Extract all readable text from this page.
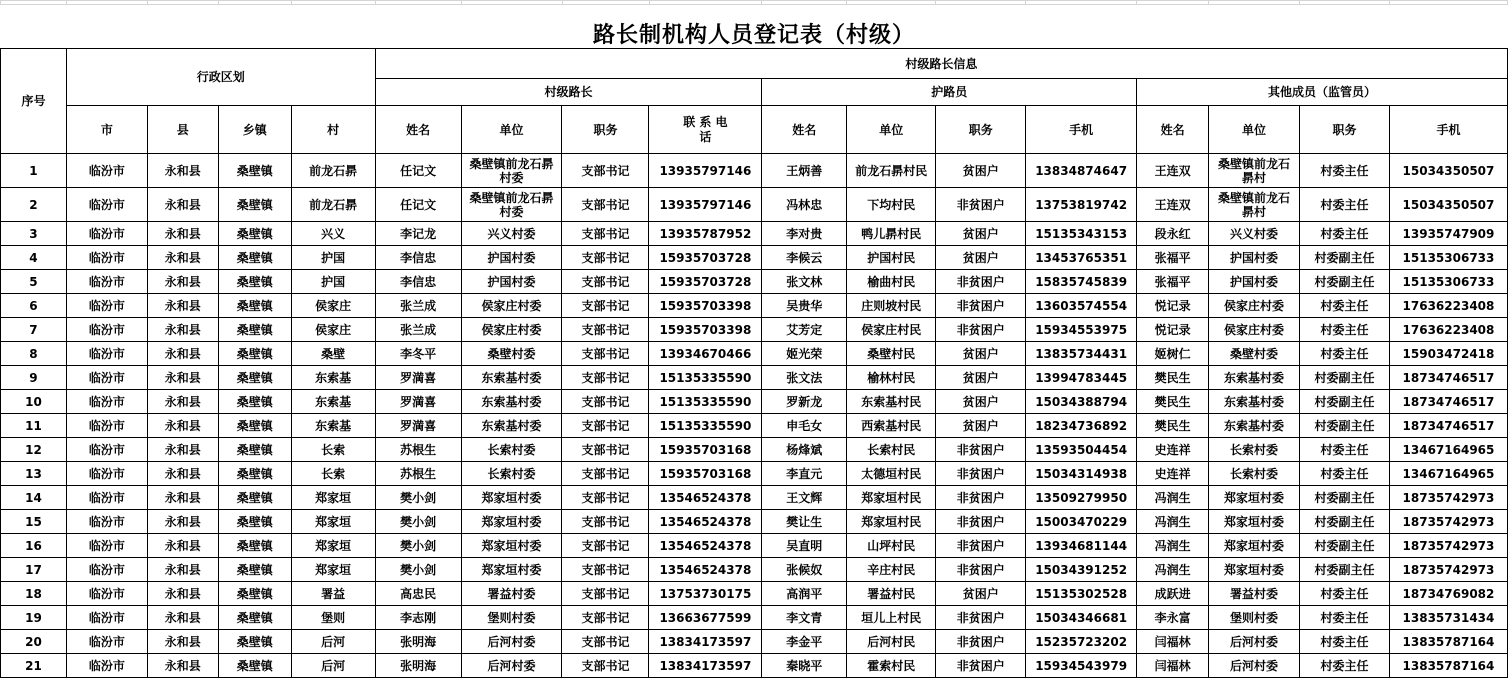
路长制机构人员登记表（村级）
序号	行政区划				村级路长信息											
					村级路长				护路员				其他成员（监管员）			
	市	县	乡镇	村	姓名	单位	职务	联 系 电 话	姓名	单位	职务	手机	姓名	单位	职务	手机
1	临汾市	永和县	桑壁镇	前龙石䁀	任记文	桑壁镇前龙石䁀村委	支部书记	13935797146	王炳善	前龙石䁀村民	贫困户	13834874647	王连双	桑壁镇前龙石䁀村	村委主任	15034350507
2	临汾市	永和县	桑壁镇	前龙石䁀	任记文	桑壁镇前龙石䁀村委	支部书记	13935797146	冯林忠	下均村民	非贫困户	13753819742	王连双	桑壁镇前龙石䁀村	村委主任	15034350507
3	临汾市	永和县	桑壁镇	兴义	李记龙	兴义村委	支部书记	13935787952	李对贵	鸭儿䁀村民	贫困户	15135343153	段永红	兴义村委	村委主任	13935747909
4	临汾市	永和县	桑壁镇	护国	李信忠	护国村委	支部书记	15935703728	李候云	护国村民	贫困户	13453765351	张福平	护国村委	村委副主任	15135306733
5	临汾市	永和县	桑壁镇	护国	李信忠	护国村委	支部书记	15935703728	张文林	榆曲村民	非贫困户	15835745839	张福平	护国村委	村委副主任	15135306733
6	临汾市	永和县	桑壁镇	侯家庄	张兰成	侯家庄村委	支部书记	15935703398	吴贵华	庄则坡村民	非贫困户	13603574554	悦记录	侯家庄村委	村委主任	17636223408
7	临汾市	永和县	桑壁镇	侯家庄	张兰成	侯家庄村委	支部书记	15935703398	艾芳定	侯家庄村民	非贫困户	15934553975	悦记录	侯家庄村委	村委主任	17636223408
8	临汾市	永和县	桑壁镇	桑壁	李冬平	桑壁村委	支部书记	13934670466	姬光荣	桑壁村民	贫困户	13835734431	姬树仁	桑壁村委	村委主任	15903472418
9	临汾市	永和县	桑壁镇	东索基	罗満喜	东索基村委	支部书记	15135335590	张文法	榆林村民	贫困户	13994783445	樊民生	东索基村委	村委副主任	18734746517
10	临汾市	永和县	桑壁镇	东索基	罗満喜	东索基村委	支部书记	15135335590	罗新龙	东索基村民	贫困户	15034388794	樊民生	东索基村委	村委副主任	18734746517
11	临汾市	永和县	桑壁镇	东索基	罗満喜	东索基村委	支部书记	15135335590	申毛女	西索基村民	贫困户	18234736892	樊民生	东索基村委	村委副主任	18734746517
12	临汾市	永和县	桑壁镇	长索	苏根生	长索村委	支部书记	15935703168	杨烽斌	长索村民	非贫困户	13593504454	史连祥	长索村委	村委主任	13467164965
13	临汾市	永和县	桑壁镇	长索	苏根生	长索村委	支部书记	15935703168	李直元	太德垣村民	非贫困户	15034314938	史连祥	长索村委	村委主任	13467164965
14	临汾市	永和县	桑壁镇	郑家垣	樊小剑	郑家垣村委	支部书记	13546524378	王文辉	郑家垣村民	非贫困户	13509279950	冯润生	郑家垣村委	村委副主任	18735742973
15	临汾市	永和县	桑壁镇	郑家垣	樊小剑	郑家垣村委	支部书记	13546524378	樊让生	郑家垣村民	非贫困户	15003470229	冯润生	郑家垣村委	村委副主任	18735742973
16	临汾市	永和县	桑壁镇	郑家垣	樊小剑	郑家垣村委	支部书记	13546524378	吴直明	山坪村民	非贫困户	13934681144	冯润生	郑家垣村委	村委副主任	18735742973
17	临汾市	永和县	桑壁镇	郑家垣	樊小剑	郑家垣村委	支部书记	13546524378	张候奴	辛庄村民	非贫困户	15034391252	冯润生	郑家垣村委	村委副主任	18735742973
18	临汾市	永和县	桑壁镇	署益	高忠民	署益村委	支部书记	13753730175	高润平	署益村民	贫困户	15135302528	成跃进	署益村委	村委主任	18734769082
19	临汾市	永和县	桑壁镇	堡则	李志刚	堡则村委	支部书记	13663677599	李文青	垣儿上村民	非贫困户	15034346681	李永富	堡则村委	村委主任	13835731434
20	临汾市	永和县	桑壁镇	后河	张明海	后河村委	支部书记	13834173597	李金平	后河村民	非贫困户	15235723202	闫福林	后河村委	村委主任	13835787164
21	临汾市	永和县	桑壁镇	后河	张明海	后河村委	支部书记	13834173597	秦晓平	霍索村民	非贫困户	15934543979	闫福林	后河村委	村委主任	13835787164
